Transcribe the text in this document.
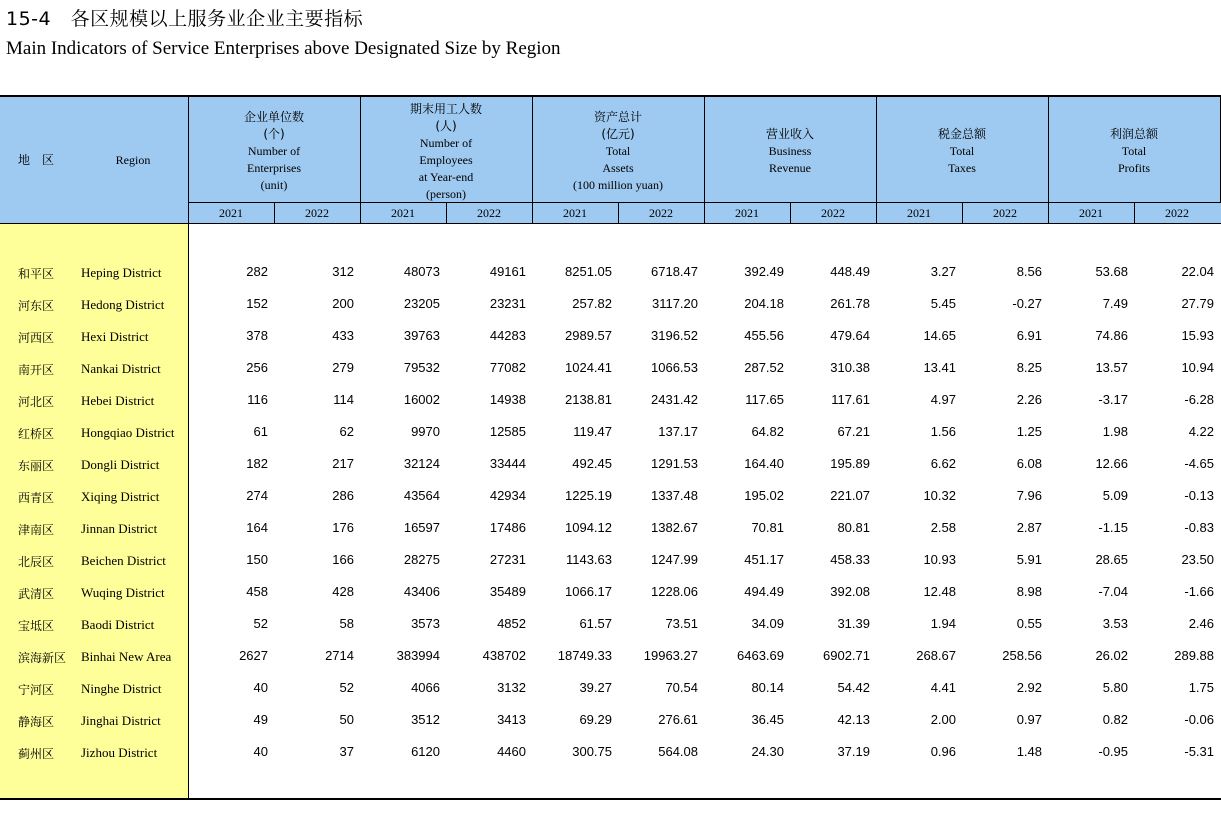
15-4　各区规模以上服务业企业主要指标
Main Indicators of Service Enterprises above Designated Size by Region
地　区	Region
企业单位数
(个)
Number of
Enterprises
(unit)
期末用工人数
(人)
Number of
Employees
at Year-end
(person)
资产总计
(亿元)
Total
Assets
(100 million yuan)
营业收入
Business
Revenue
税金总额
Total
Taxes
利润总额
Total
Profits
2021	2022	2021	2022	2021	2022	2021	2022	2021	2022	2021	2022
和平区 Heping District	282	312	48073	49161	8251.05	6718.47	392.49	448.49	3.27	8.56	53.68	22.04
河东区 Hedong District	152	200	23205	23231	257.82	3117.20	204.18	261.78	5.45	-0.27	7.49	27.79
河西区 Hexi District	378	433	39763	44283	2989.57	3196.52	455.56	479.64	14.65	6.91	74.86	15.93
南开区 Nankai District	256	279	79532	77082	1024.41	1066.53	287.52	310.38	13.41	8.25	13.57	10.94
河北区 Hebei District	116	114	16002	14938	2138.81	2431.42	117.65	117.61	4.97	2.26	-3.17	-6.28
红桥区 Hongqiao District	61	62	9970	12585	119.47	137.17	64.82	67.21	1.56	1.25	1.98	4.22
东丽区 Dongli District	182	217	32124	33444	492.45	1291.53	164.40	195.89	6.62	6.08	12.66	-4.65
西青区 Xiqing District	274	286	43564	42934	1225.19	1337.48	195.02	221.07	10.32	7.96	5.09	-0.13
津南区 Jinnan District	164	176	16597	17486	1094.12	1382.67	70.81	80.81	2.58	2.87	-1.15	-0.83
北辰区 Beichen District	150	166	28275	27231	1143.63	1247.99	451.17	458.33	10.93	5.91	28.65	23.50
武清区 Wuqing District	458	428	43406	35489	1066.17	1228.06	494.49	392.08	12.48	8.98	-7.04	-1.66
宝坻区 Baodi District	52	58	3573	4852	61.57	73.51	34.09	31.39	1.94	0.55	3.53	2.46
滨海新区 Binhai New Area	2627	2714	383994	438702	18749.33	19963.27	6463.69	6902.71	268.67	258.56	26.02	289.88
宁河区 Ninghe District	40	52	4066	3132	39.27	70.54	80.14	54.42	4.41	2.92	5.80	1.75
静海区 Jinghai District	49	50	3512	3413	69.29	276.61	36.45	42.13	2.00	0.97	0.82	-0.06
蓟州区 Jizhou District	40	37	6120	4460	300.75	564.08	24.30	37.19	0.96	1.48	-0.95	-5.31
